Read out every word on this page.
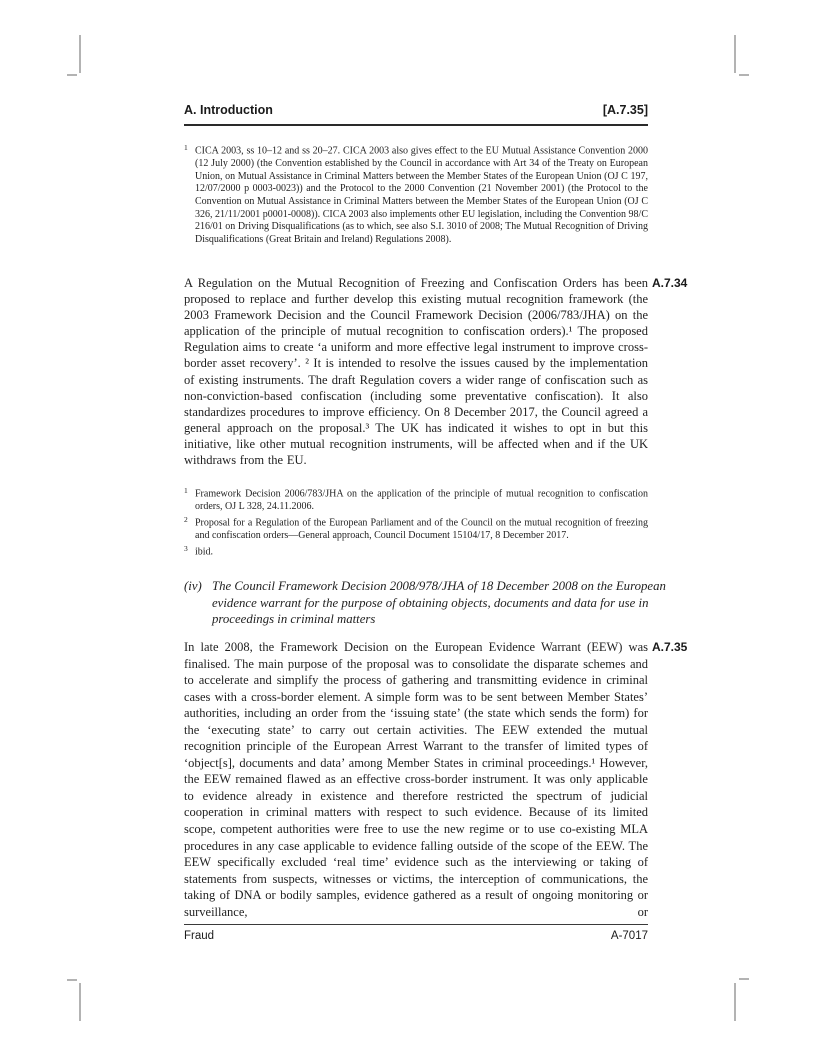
A. Introduction	[A.7.35]

$^1$ CICA 2003, ss 10–12 and ss 20–27. CICA 2003 also gives effect to the EU Mutual Assistance Convention 2000 (12 July 2000) (the Convention established by the Council in accordance with Art 34 of the Treaty on European Union, on Mutual Assistance in Criminal Matters between the Member States of the European Union (OJ C 197, 12/07/2000 p 0003-0023)) and the Protocol to the 2000 Convention (21 November 2001) (the Protocol to the Convention on Mutual Assistance in Criminal Matters between the Member States of the European Union (OJ C 326, 21/11/2001 p0001-0008)). CICA 2003 also implements other EU legislation, including the Convention 98/C 216/01 on Driving Disqualifications (as to which, see also S.I. 3010 of 2008; The Mutual Recognition of Driving Disqualifications (Great Britain and Ireland) Regulations 2008).

A Regulation on the Mutual Recognition of Freezing and Confiscation Orders has been proposed to replace and further develop this existing mutual recognition framework (the 2003 Framework Decision and the Council Framework Decision (2006/783/JHA) on the application of the principle of mutual recognition to confiscation orders).¹ The proposed Regulation aims to create ‘a uniform and more effective legal instrument to improve cross-border asset recovery’. ² It is intended to resolve the issues caused by the implementation of existing instruments. The draft Regulation covers a wider range of confiscation such as non-conviction-based confiscation (including some preventative confiscation). It also standardizes procedures to improve efficiency. On 8 December 2017, the Council agreed a general approach on the proposal.³ The UK has indicated it wishes to opt in but this initiative, like other mutual recognition instruments, will be affected when and if the UK withdraws from the EU.

A.7.34

$^1$ Framework Decision 2006/783/JHA on the application of the principle of mutual recognition to confiscation orders, OJ L 328, 24.11.2006.

$^2$ Proposal for a Regulation of the European Parliament and of the Council on the mutual recognition of freezing and confiscation orders—General approach, Council Document 15104/17, 8 December 2017.

$^3$ ibid.

(iv) The Council Framework Decision 2008/978/JHA of 18 December 2008 on the European evidence warrant for the purpose of obtaining objects, documents and data for use in proceedings in criminal matters

In late 2008, the Framework Decision on the European Evidence Warrant (EEW) was finalised. The main purpose of the proposal was to consolidate the disparate schemes and to accelerate and simplify the process of gathering and transmitting evidence in criminal cases with a cross-border element. A simple form was to be sent between Member States’ authorities, including an order from the ‘issuing state’ (the state which sends the form) for the ‘executing state’ to carry out certain activities. The EEW extended the mutual recognition principle of the European Arrest Warrant to the transfer of limited types of ‘object[s], documents and data’ among Member States in criminal proceedings.¹ However, the EEW remained flawed as an effective cross-border instrument. It was only applicable to evidence already in existence and therefore restricted the spectrum of judicial cooperation in criminal matters with respect to such evidence. Because of its limited scope, competent authorities were free to use the new regime or to use co-existing MLA procedures in any case applicable to evidence falling outside of the scope of the EEW. The EEW specifically excluded ‘real time’ evidence such as the interviewing or taking of statements from suspects, witnesses or victims, the interception of communications, the taking of DNA or bodily samples, evidence gathered as a result of ongoing monitoring or surveillance, or

A.7.35
Fraud	A-7017
